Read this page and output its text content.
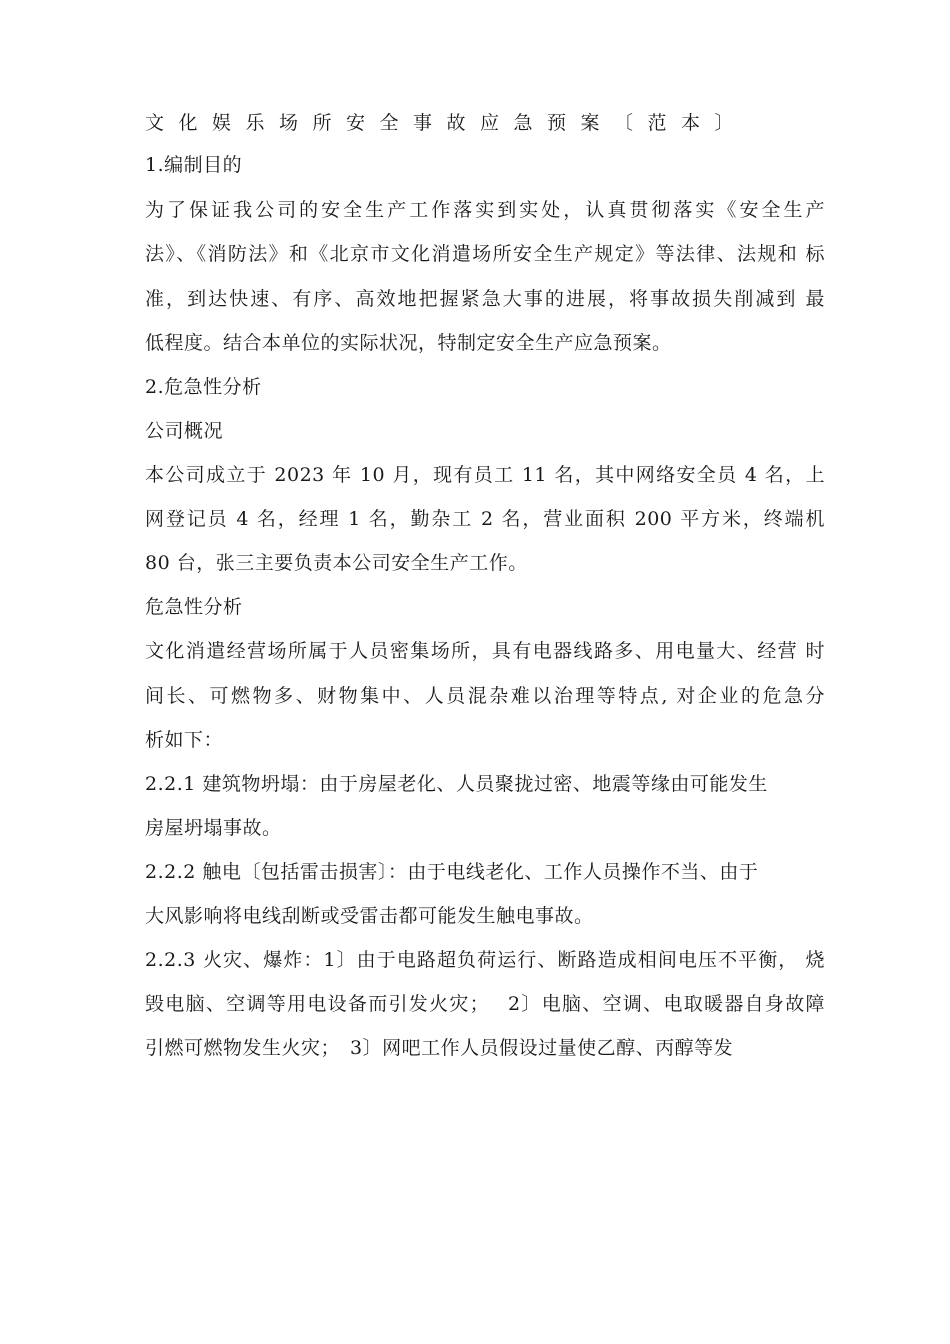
文化娱乐场所安全事故应急预案〔范本〕
1.编制目的
为了保证我公司的安全生产工作落实到实处，认真贯彻落实《安全生产
法》、《消防法》和《北京市文化消遣场所安全生产规定》等法律、法规和 标
准，到达快速、有序、高效地把握紧急大事的进展，将事故损失削减到 最
低程度。结合本单位的实际状况，特制定安全生产应急预案。
2.危急性分析
公司概况
本公司成立于 2023 年 10 月，现有员工 11 名，其中网络安全员 4 名，上
网登记员 4 名，经理 1 名，勤杂工 2 名，营业面积 200 平方米，终端机
80 台，张三主要负责本公司安全生产工作。
危急性分析
文化消遣经营场所属于人员密集场所，具有电器线路多、用电量大、经营 时
间长、可燃物多、财物集中、人员混杂难以治理等特点, 对企业的危急分
析如下：
2.2.1 建筑物坍塌：由于房屋老化、人员聚拢过密、地震等缘由可能发生
房屋坍塌事故。
2.2.2 触电〔包括雷击损害〕：由于电线老化、工作人员操作不当、由于
大风影响将电线刮断或受雷击都可能发生触电事故。
2.2.3 火灾、爆炸：1〕由于电路超负荷运行、断路造成相间电压不平衡， 烧
毁电脑、空调等用电设备而引发火灾；　 2〕电脑、空调、电取暖器自身故障
引燃可燃物发生火灾；　3〕网吧工作人员假设过量使乙醇、丙醇等发
